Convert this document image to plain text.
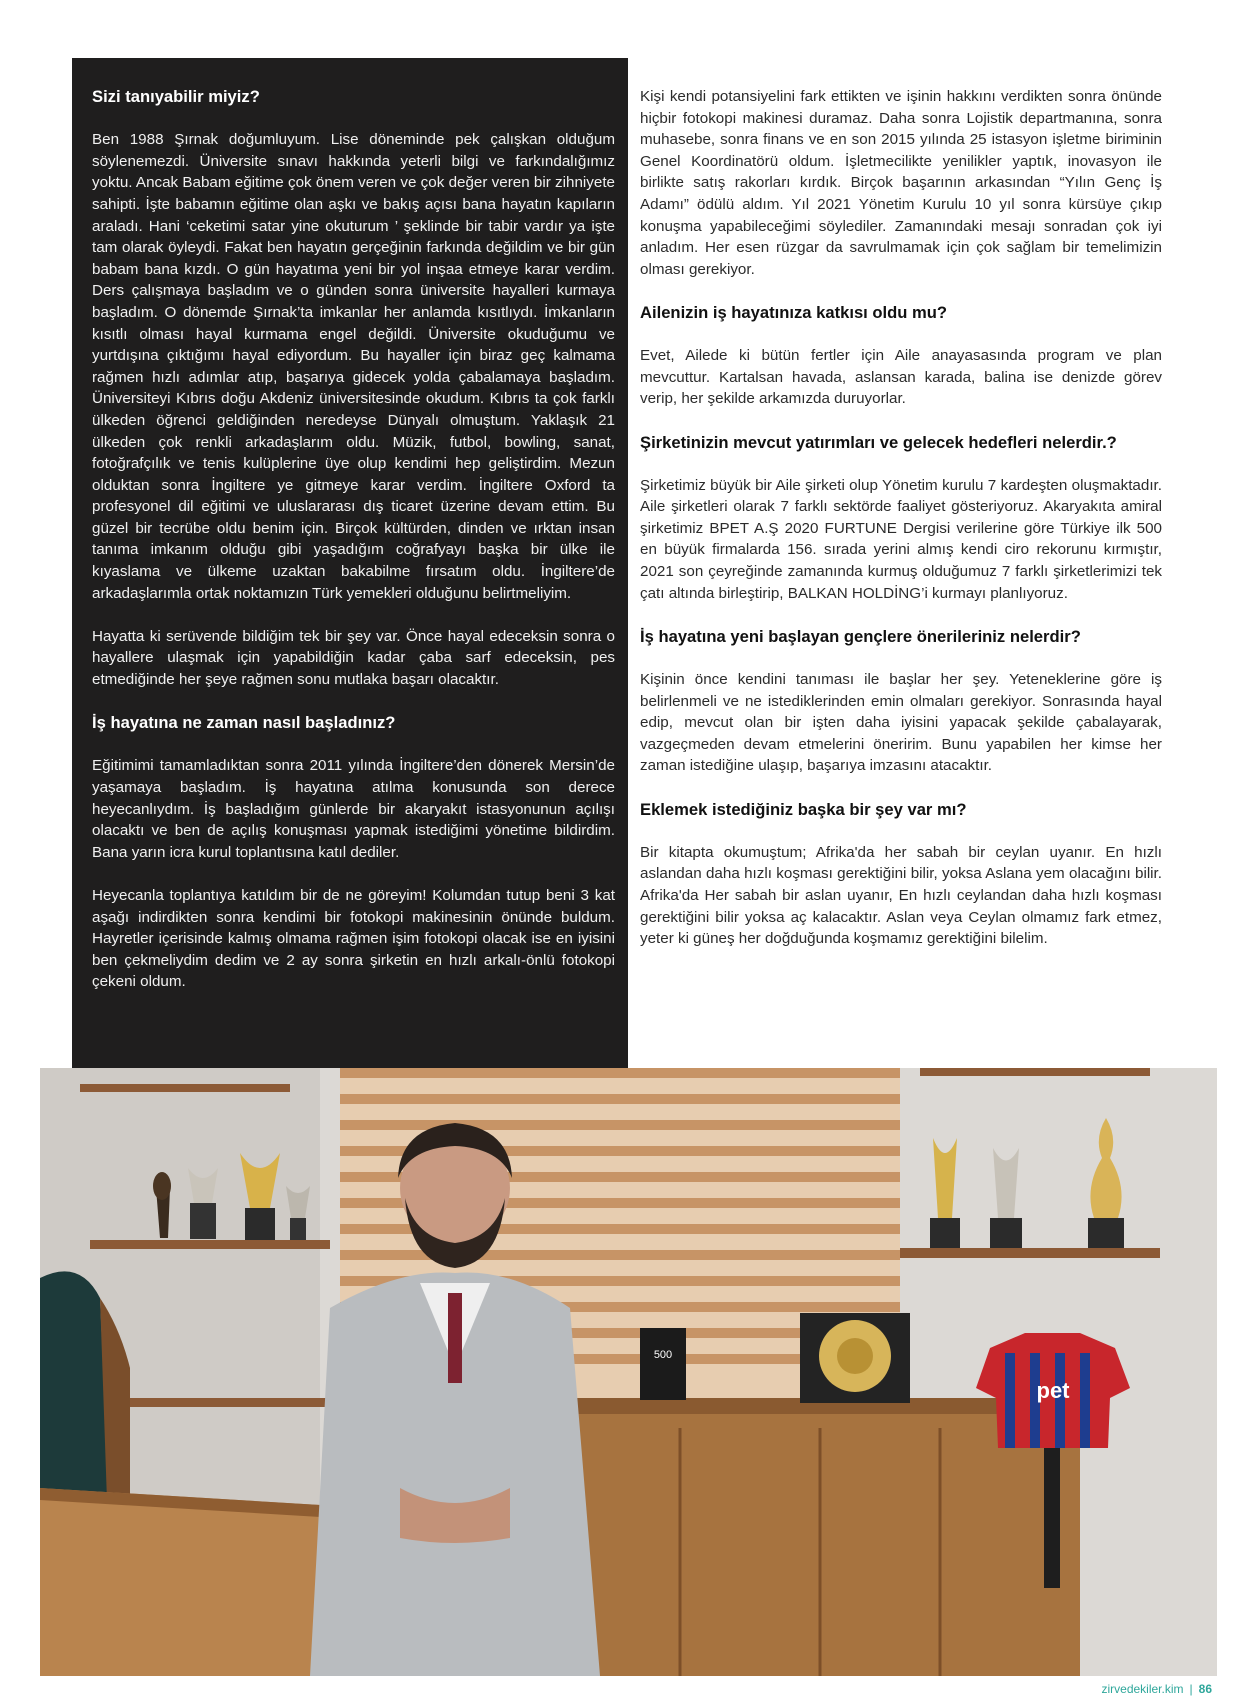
Sizi tanıyabilir miyiz?

Ben 1988 Şırnak doğumluyum. Lise döneminde pek çalışkan olduğum söylenemezdi. Üniversite sınavı hakkında yeterli bilgi ve farkındalığımız yoktu. Ancak Babam eğitime çok önem veren ve çok değer veren bir zihniyete sahipti. İşte babamın eğitime olan aşkı ve bakış açısı bana hayatın kapıların araladı. Hani ‘ceketimi satar yine okuturum ’ şeklinde bir tabir vardır ya işte tam olarak öyleydi. Fakat ben hayatın gerçeğinin farkında değildim ve bir gün babam bana kızdı. O gün hayatıma yeni bir yol inşaa etmeye karar verdim. Ders çalışmaya başladım ve o günden sonra üniversite hayalleri kurmaya başladım. O dönemde Şırnak’ta imkanlar her anlamda kısıtlıydı. İmkanların kısıtlı olması hayal kurmama engel değildi. Üniversite okuduğumu ve yurtdışına çıktığımı hayal ediyordum. Bu hayaller için biraz geç kalmama rağmen hızlı adımlar atıp, başarıya gidecek yolda çabalamaya başladım. Üniversiteyi Kıbrıs doğu Akdeniz üniversitesinde okudum. Kıbrıs ta çok farklı ülkeden öğrenci geldiğinden neredeyse Dünyalı olmuştum. Yaklaşık 21 ülkeden çok renkli arkadaşlarım oldu. Müzik, futbol, bowling, sanat, fotoğrafçılık ve tenis kulüplerine üye olup kendimi hep geliştirdim. Mezun olduktan sonra İngiltere ye gitmeye karar verdim. İngiltere Oxford ta profesyonel dil eğitimi ve uluslararası dış ticaret üzerine devam ettim. Bu güzel bir tecrübe oldu benim için. Birçok kültürden, dinden ve ırktan insan tanıma imkanım olduğu gibi yaşadığım coğrafyayı başka bir ülke ile kıyaslama ve ülkeme uzaktan bakabilme fırsatım oldu. İngiltere’de arkadaşlarımla ortak noktamızın Türk yemekleri olduğunu belirtmeliyim.

Hayatta ki serüvende bildiğim tek bir şey var. Önce hayal edeceksin sonra o hayallere ulaşmak için yapabildiğin kadar çaba sarf edeceksin, pes etmediğinde her şeye rağmen sonu mutlaka başarı olacaktır.

İş hayatına ne zaman nasıl başladınız?

Eğitimimi tamamladıktan sonra 2011 yılında İngiltere’den dönerek Mersin’de yaşamaya başladım. İş hayatına atılma konusunda son derece heyecanlıydım. İş başladığım günlerde bir akaryakıt istasyonunun açılışı olacaktı ve ben de açılış konuşması yapmak istediğimi yönetime bildirdim. Bana yarın icra kurul toplantısına katıl dediler.

Heyecanla toplantıya katıldım bir de ne göreyim! Kolumdan tutup beni 3 kat aşağı indirdikten sonra kendimi bir fotokopi makinesinin önünde buldum. Hayretler içerisinde kalmış olmama rağmen işim fotokopi olacak ise en iyisini ben çekmeliydim dedim ve 2 ay sonra şirketin en hızlı arkalı-önlü fotokopi çekeni oldum.

Kişi kendi potansiyelini fark ettikten ve işinin hakkını verdikten sonra önünde hiçbir fotokopi makinesi duramaz. Daha sonra Lojistik departmanına, sonra muhasebe, sonra finans ve en son 2015 yılında 25 istasyon işletme biriminin Genel Koordinatörü oldum. İşletmecilikte yenilikler yaptık, inovasyon ile birlikte satış rakorları kırdık. Birçok başarının arkasından “Yılın Genç İş Adamı” ödülü aldım. Yıl 2021 Yönetim Kurulu 10 yıl sonra kürsüye çıkıp konuşma yapabileceğimi söylediler. Zamanındaki mesajı sonradan çok iyi anladım. Her esen rüzgar da savrulmamak için çok sağlam bir temelimizin olması gerekiyor.

Ailenizin iş hayatınıza katkısı oldu mu?

Evet, Ailede ki bütün fertler için Aile anayasasında program ve plan mevcuttur. Kartalsan havada, aslansan karada, balina ise denizde görev verip, her şekilde arkamızda duruyorlar.

Şirketinizin mevcut yatırımları ve gelecek hedefleri nelerdir.?

Şirketimiz büyük bir Aile şirketi olup Yönetim kurulu 7 kardeşten oluşmaktadır. Aile şirketleri olarak 7 farklı sektörde faaliyet gösteriyoruz. Akaryakıta amiral şirketimiz BPET A.Ş 2020 FURTUNE Dergisi verilerine göre Türkiye ilk 500 en büyük firmalarda 156. sırada yerini almış kendi ciro rekorunu kırmıştır, 2021 son çeyreğinde zamanında kurmuş olduğumuz 7 farklı şirketlerimizi tek çatı altında birleştirip, BALKAN HOLDİNG’i kurmayı planlıyoruz.

İş hayatına yeni başlayan gençlere önerileriniz nelerdir?

Kişinin önce kendini tanıması ile başlar her şey. Yeteneklerine göre iş belirlenmeli ve ne istediklerinden emin olmaları gerekiyor. Sonrasında hayal edip, mevcut olan bir işten daha iyisini yapacak şekilde çabalayarak, vazgeçmeden devam etmelerini öneririm. Bunu yapabilen her kimse her zaman istediğine ulaşıp, başarıya imzasını atacaktır.

Eklemek istediğiniz başka bir şey var mı?

Bir kitapta okumuştum; Afrika'da her sabah bir ceylan uyanır. En hızlı aslandan daha hızlı koşması gerektiğini bilir, yoksa Aslana yem olacağını bilir. Afrika'da Her sabah bir aslan uyanır, En hızlı ceylandan daha hızlı koşması gerektiğini bilir yoksa aç kalacaktır. Aslan veya Ceylan olmamız fark etmez, yeter ki güneş her doğduğunda koşmamız gerektiğini bilelim.

500
pet
zirvedekiler.kim | 86
